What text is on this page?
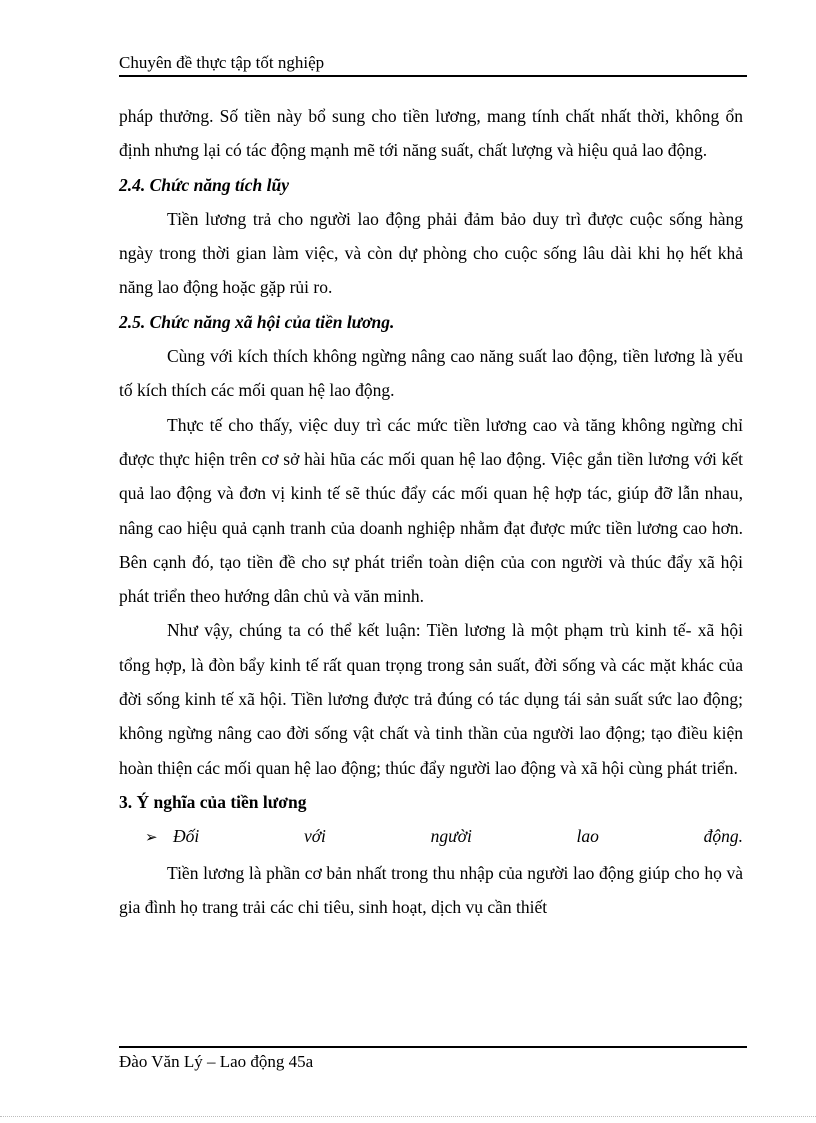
Chuyên đề thực tập tốt nghiệp

pháp thưởng. Số tiền này bổ sung cho tiền lương, mang tính chất nhất thời, không ổn định nhưng lại có tác động mạnh mẽ tới năng suất, chất lượng và hiệu quả lao động.

2.4. Chức năng tích lũy

Tiền lương trả cho người lao động phải đảm bảo duy trì được cuộc sống hàng ngày trong thời gian làm việc, và còn dự phòng cho cuộc sống lâu dài khi họ hết khả năng lao động hoặc gặp rủi ro.

2.5. Chức năng xã hội của tiền lương.

Cùng với kích thích không ngừng nâng cao năng suất lao động, tiền lương là yếu tố kích thích các mối quan hệ lao động.

Thực tế cho thấy, việc duy trì các mức tiền lương cao và tăng không ngừng chỉ được thực hiện trên cơ sở hài hũa các mối quan hệ lao động. Việc gắn tiền lương với kết quả lao động và đơn vị kinh tế sẽ thúc đẩy các mối quan hệ hợp tác, giúp đỡ lẫn nhau, nâng cao hiệu quả cạnh tranh của doanh nghiệp nhằm đạt được mức tiền lương cao hơn. Bên cạnh đó, tạo tiền đề cho sự phát triển toàn diện của con người và thúc đẩy xã hội phát triển theo hướng dân chủ và văn minh.

Như vậy, chúng ta có thể kết luận: Tiền lương là một phạm trù kinh tế- xã hội tổng hợp, là đòn bẩy kinh tế rất quan trọng trong sản suất, đời sống và các mặt khác của đời sống kinh tế xã hội. Tiền lương được trả đúng có tác dụng tái sản suất sức lao động; không ngừng nâng cao đời sống vật chất và tinh thần của người lao động; tạo điều kiện hoàn thiện các mối quan hệ lao động; thúc đẩy người lao động và xã hội cùng phát triển.

3. Ý nghĩa của tiền lương

➢ Đối	với	người	lao	động.

Tiền lương là phần cơ bản nhất trong thu nhập của người lao động giúp cho họ và gia đình họ trang trải các chi tiêu, sinh hoạt, dịch vụ cần thiết

Đào Văn Lý – Lao động 45a
